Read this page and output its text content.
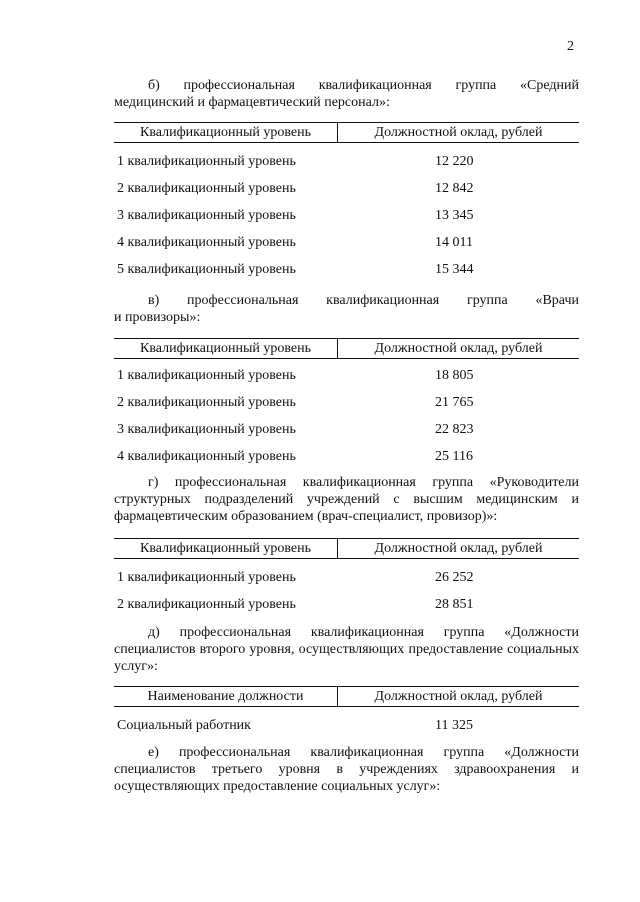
2
б) профессиональная квалификационная группа «Средний
медицинский и фармацевтический персонал»:
Квалификационный уровень	Должностной оклад, рублей
1 квалификационный уровень	12 220
2 квалификационный уровень	12 842
3 квалификационный уровень	13 345
4 квалификационный уровень	14 011
5 квалификационный уровень	15 344
в) профессиональная квалификационная группа «Врачи
и провизоры»:
Квалификационный уровень	Должностной оклад, рублей
1 квалификационный уровень	18 805
2 квалификационный уровень	21 765
3 квалификационный уровень	22 823
4 квалификационный уровень	25 116
г) профессиональная квалификационная группа «Руководители
структурных подразделений учреждений с высшим медицинским и фармацевтическим образованием (врач-специалист, провизор)»:
Квалификационный уровень	Должностной оклад, рублей
1 квалификационный уровень	26 252
2 квалификационный уровень	28 851
д) профессиональная квалификационная группа «Должности
специалистов второго уровня, осуществляющих предоставление социальных услуг»:
Наименование должности	Должностной оклад, рублей
Социальный работник	11 325
е) профессиональная квалификационная группа «Должности
специалистов третьего уровня в учреждениях здравоохранения и осуществляющих предоставление социальных услуг»:
